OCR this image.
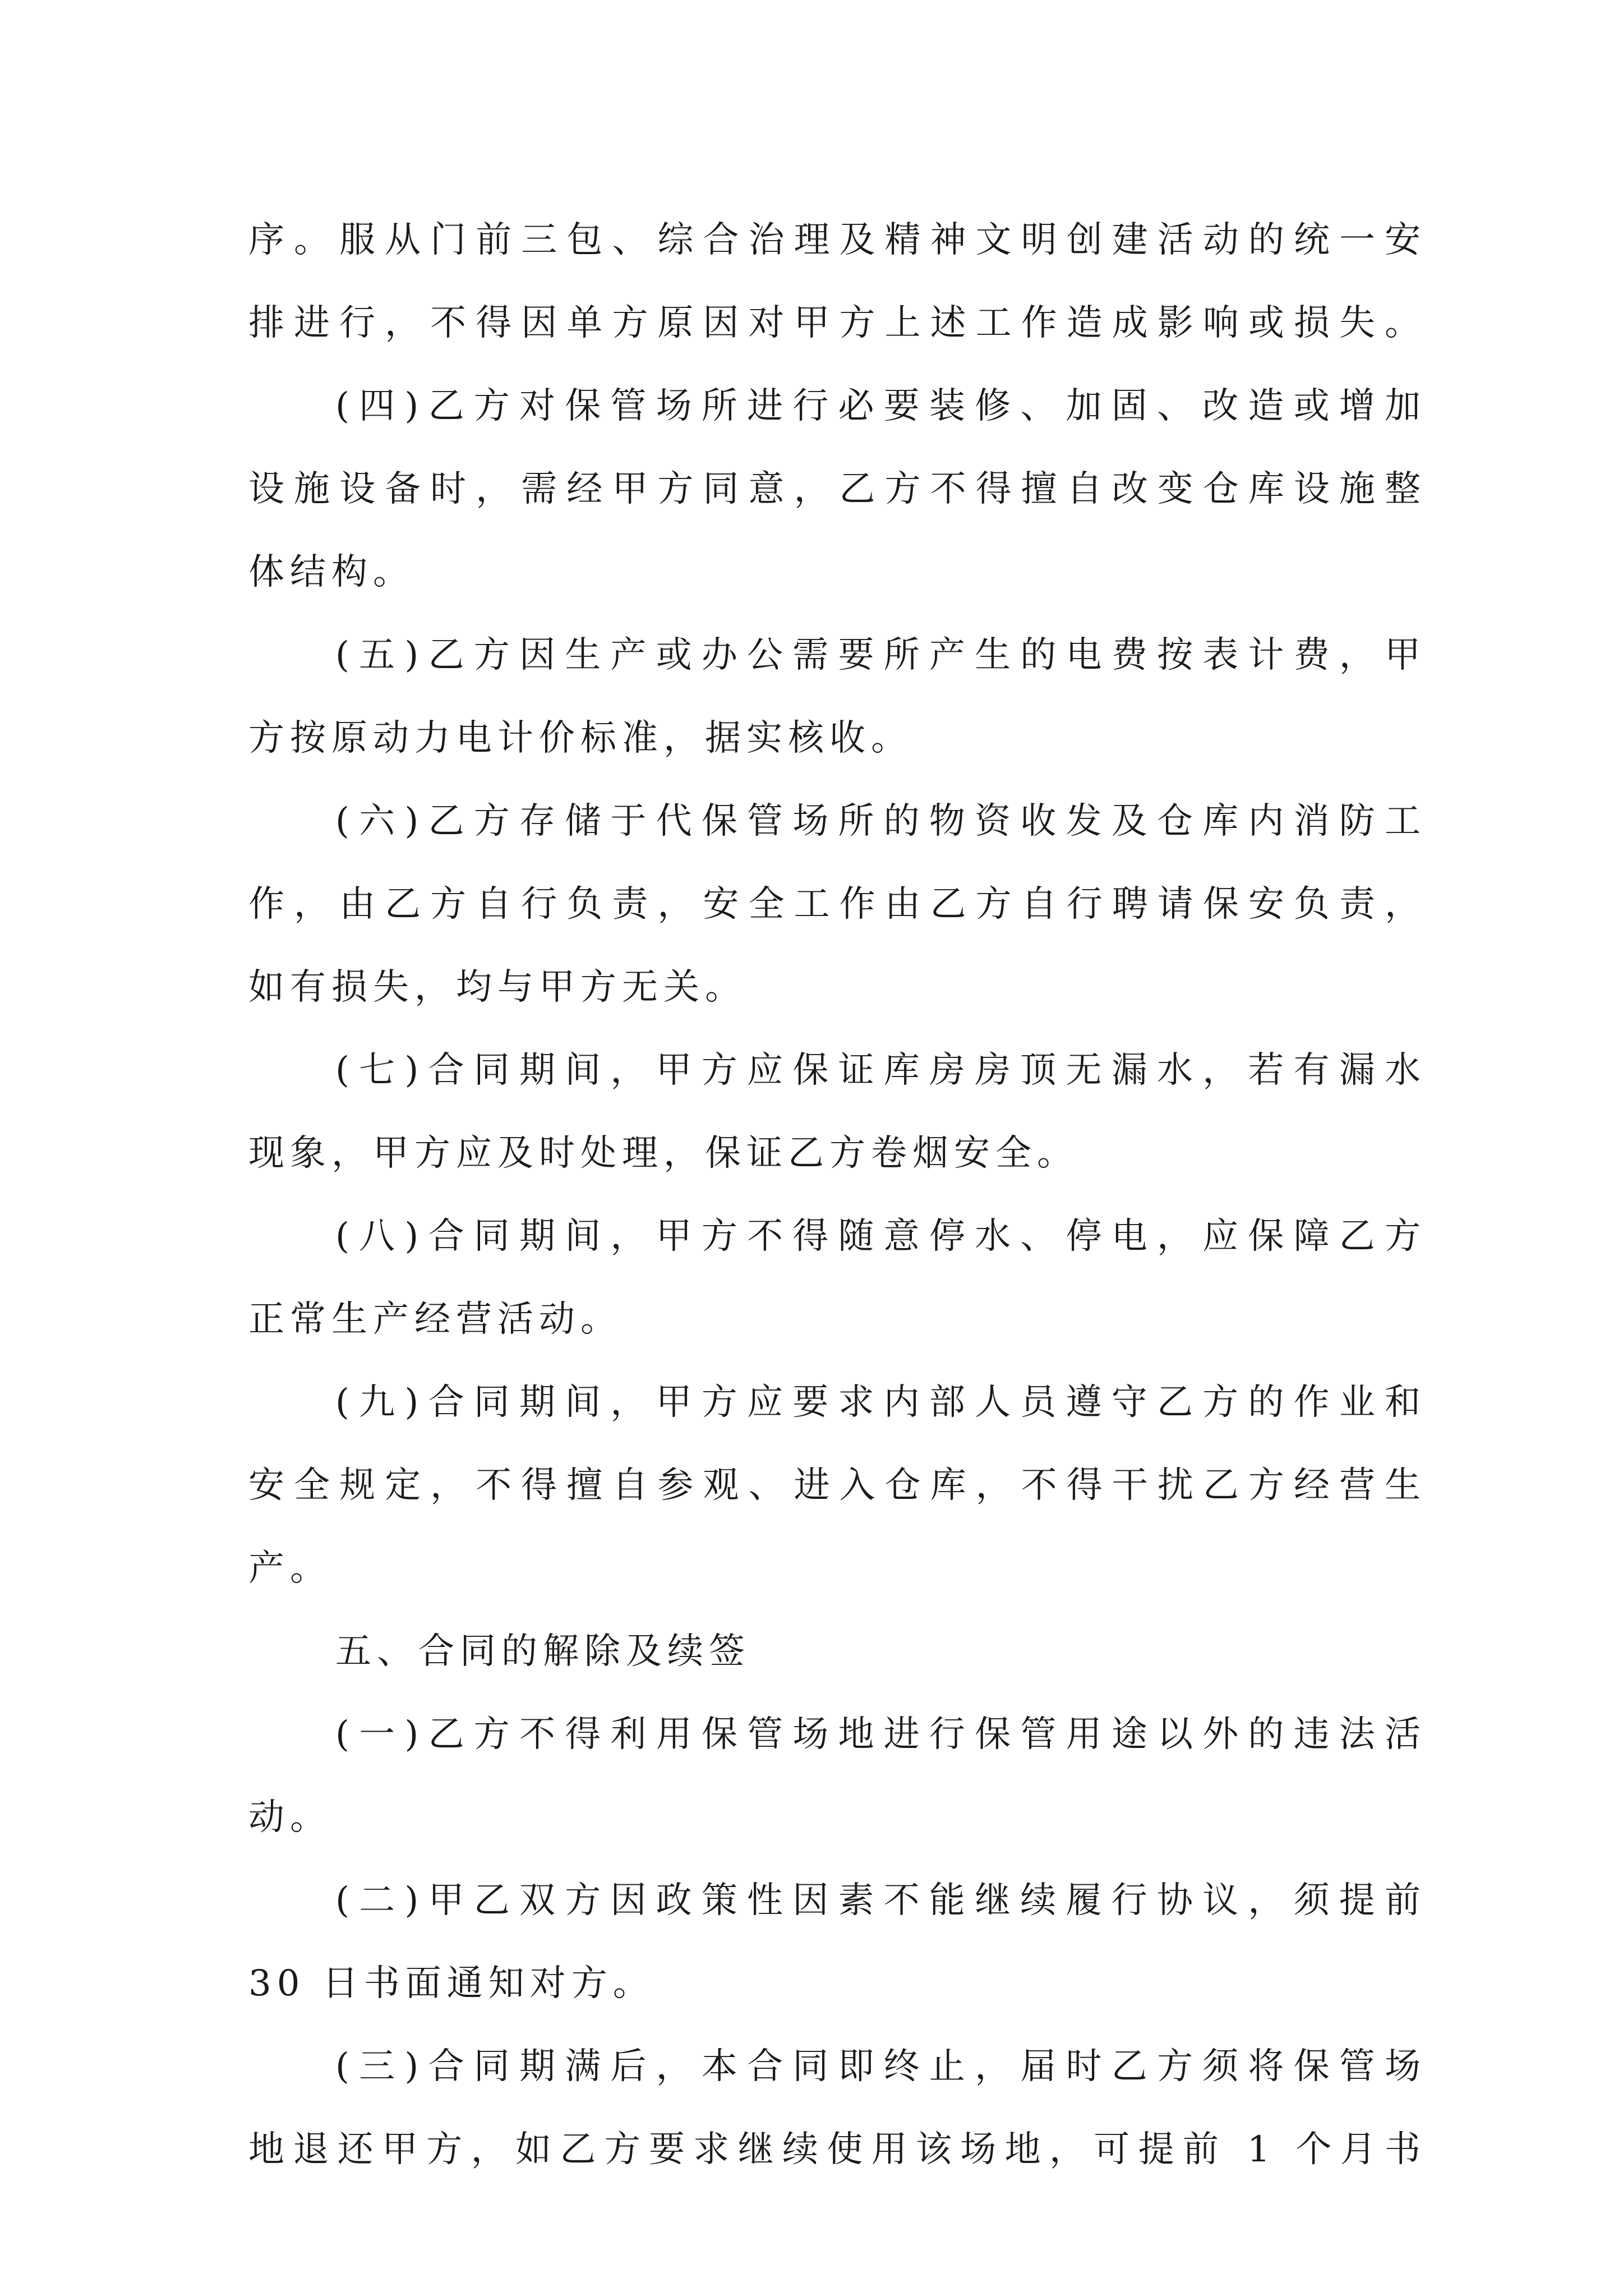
序。服从门前三包、综合治理及精神文明创建活动的统一安
排进行，不得因单方原因对甲方上述工作造成影响或损失。
(四)乙方对保管场所进行必要装修、加固、改造或增加
设施设备时，需经甲方同意，乙方不得擅自改变仓库设施整
体结构。
(五)乙方因生产或办公需要所产生的电费按表计费，甲
方按原动力电计价标准，据实核收。
(六)乙方存储于代保管场所的物资收发及仓库内消防工
作，由乙方自行负责，安全工作由乙方自行聘请保安负责，
如有损失，均与甲方无关。
(七)合同期间，甲方应保证库房房顶无漏水，若有漏水
现象，甲方应及时处理，保证乙方卷烟安全。
(八)合同期间，甲方不得随意停水、停电，应保障乙方
正常生产经营活动。
(九)合同期间，甲方应要求内部人员遵守乙方的作业和
安全规定，不得擅自参观、进入仓库，不得干扰乙方经营生
产。
五、合同的解除及续签
(一)乙方不得利用保管场地进行保管用途以外的违法活
动。
(二)甲乙双方因政策性因素不能继续履行协议，须提前
30 日书面通知对方。
(三)合同期满后，本合同即终止，届时乙方须将保管场
地退还甲方，如乙方要求继续使用该场地，可提前 1 个月书
